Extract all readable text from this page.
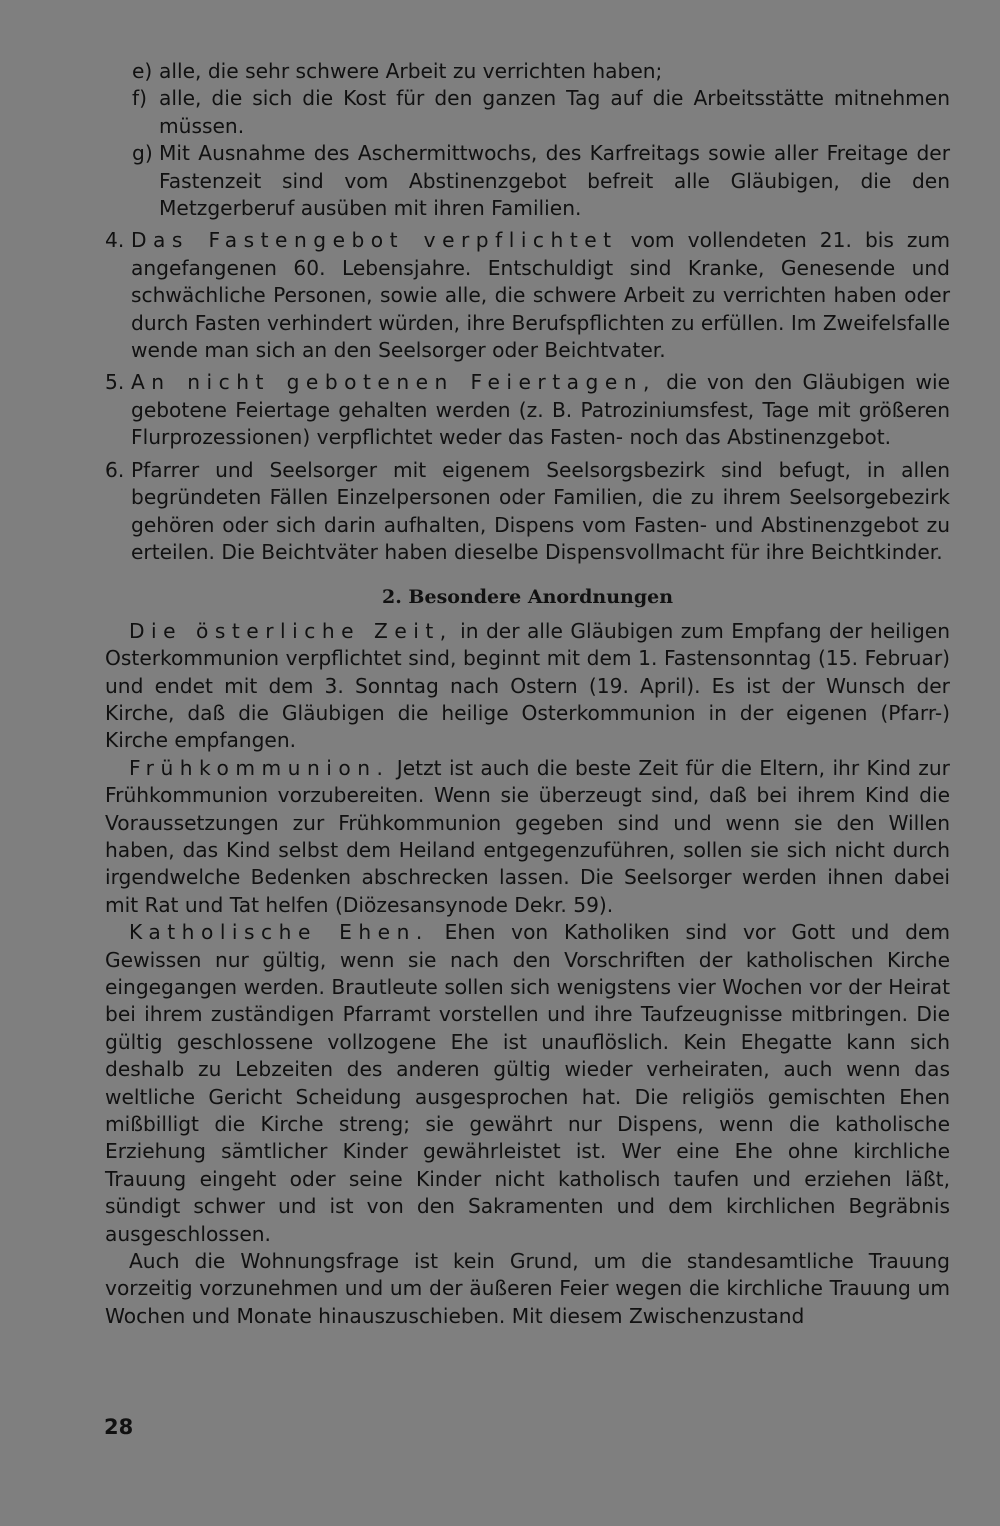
e) alle, die sehr schwere Arbeit zu verrichten haben;
f) alle, die sich die Kost für den ganzen Tag auf die Arbeitsstätte mitnehmen müssen.
g) Mit Ausnahme des Aschermittwochs, des Karfreitags sowie aller Freitage der Fastenzeit sind vom Abstinenzgebot befreit alle Gläubigen, die den Metzgerberuf ausüben mit ihren Familien.
4. Das Fastengebot verpflichtet vom vollendeten 21. bis zum angefangenen 60. Lebensjahre. Entschuldigt sind Kranke, Genesende und schwächliche Personen, sowie alle, die schwere Arbeit zu verrichten haben oder durch Fasten verhindert würden, ihre Berufspflichten zu erfüllen. Im Zweifelsfalle wende man sich an den Seelsorger oder Beichtvater.
5. An nicht gebotenen Feiertagen, die von den Gläubigen wie gebotene Feiertage gehalten werden (z. B. Patroziniumsfest, Tage mit größeren Flurprozessionen) verpflichtet weder das Fasten- noch das Abstinenzgebot.
6. Pfarrer und Seelsorger mit eigenem Seelsorgsbezirk sind befugt, in allen begründeten Fällen Einzelpersonen oder Familien, die zu ihrem Seelsorgebezirk gehören oder sich darin aufhalten, Dispens vom Fasten- und Abstinenzgebot zu erteilen. Die Beichtväter haben dieselbe Dispensvollmacht für ihre Beichtkinder.
2. Besondere Anordnungen
Die österliche Zeit, in der alle Gläubigen zum Empfang der heiligen Osterkommunion verpflichtet sind, beginnt mit dem 1. Fastensonntag (15. Februar) und endet mit dem 3. Sonntag nach Ostern (19. April). Es ist der Wunsch der Kirche, daß die Gläubigen die heilige Osterkommunion in der eigenen (Pfarr-) Kirche empfangen.
Frühkommunion. Jetzt ist auch die beste Zeit für die Eltern, ihr Kind zur Frühkommunion vorzubereiten. Wenn sie überzeugt sind, daß bei ihrem Kind die Voraussetzungen zur Frühkommunion gegeben sind und wenn sie den Willen haben, das Kind selbst dem Heiland entgegenzuführen, sollen sie sich nicht durch irgendwelche Bedenken abschrecken lassen. Die Seelsorger werden ihnen dabei mit Rat und Tat helfen (Diözesansynode Dekr. 59).
Katholische Ehen. Ehen von Katholiken sind vor Gott und dem Gewissen nur gültig, wenn sie nach den Vorschriften der katholischen Kirche eingegangen werden. Brautleute sollen sich wenigstens vier Wochen vor der Heirat bei ihrem zuständigen Pfarramt vorstellen und ihre Taufzeugnisse mitbringen. Die gültig geschlossene vollzogene Ehe ist unauflöslich. Kein Ehegatte kann sich deshalb zu Lebzeiten des anderen gültig wieder verheiraten, auch wenn das weltliche Gericht Scheidung ausgesprochen hat. Die religiös gemischten Ehen mißbilligt die Kirche streng; sie gewährt nur Dispens, wenn die katholische Erziehung sämtlicher Kinder gewährleistet ist. Wer eine Ehe ohne kirchliche Trauung eingeht oder seine Kinder nicht katholisch taufen und erziehen läßt, sündigt schwer und ist von den Sakramenten und dem kirchlichen Begräbnis ausgeschlossen.
Auch die Wohnungsfrage ist kein Grund, um die standesamtliche Trauung vorzeitig vorzunehmen und um der äußeren Feier wegen die kirchliche Trauung um Wochen und Monate hinauszuschieben. Mit diesem Zwischenzustand
28
